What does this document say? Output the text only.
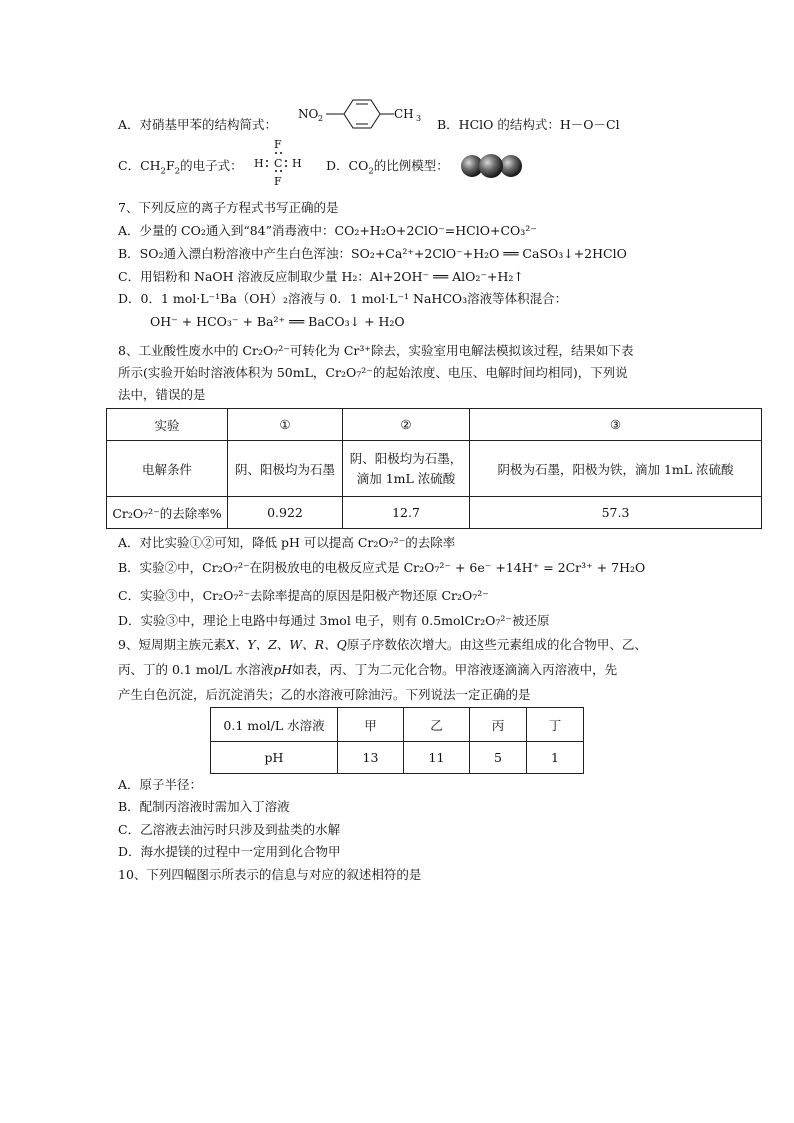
A．对硝基甲苯的结构简式：
NO 2	CH 3 B．HClO 的结构式：H－O－Cl
C．$CH_2F_2$的电子式：
F
H C H
F
D．$CO_2$的比例模型：
7、下列反应的离子方程式书写正确的是
A．少量的 CO₂通入到“84”消毒液中：CO₂+H₂O+2ClO⁻=HClO+CO₃²⁻
B．SO₂通入漂白粉溶液中产生白色浑浊：SO₂+Ca²⁺+2ClO⁻+H₂O ══ CaSO₃↓+2HClO
C．用铝粉和 NaOH 溶液反应制取少量 H₂：Al+2OH⁻ ══ AlO₂⁻+H₂↑
D．0．1 mol·L⁻¹Ba（OH）₂溶液与 0．1 mol·L⁻¹ NaHCO₃溶液等体积混合：
OH⁻ + HCO₃⁻ + Ba²⁺ ══ BaCO₃↓ + H₂O
8、工业酸性废水中的 Cr₂O₇²⁻可转化为 Cr³⁺除去，实验室用电解法模拟该过程，结果如下表
所示(实验开始时溶液体积为 50mL，Cr₂O₇²⁻的起始浓度、电压、电解时间均相同)，下列说
法中，错误的是
实验	①	②	③
电解条件	阴、阳极均为石墨	阴、阳极均为石墨，
滴加 1mL 浓硫酸	阴极为石墨，阳极为铁，滴加 1mL 浓硫酸
Cr₂O₇²⁻的去除率%	0.922	12.7	57.3
A．对比实验①②可知，降低 pH 可以提高 Cr₂O₇²⁻的去除率
B．实验②中，Cr₂O₇²⁻在阴极放电的电极反应式是 Cr₂O₇²⁻ + 6e⁻ +14H⁺ = 2Cr³⁺ + 7H₂O
C．实验③中，Cr₂O₇²⁻去除率提高的原因是阳极产物还原 Cr₂O₇²⁻
D．实验③中，理论上电路中每通过 3mol 电子，则有 0.5molCr₂O₇²⁻被还原
9、短周期主族元素X、Y、Z、W、R、Q原子序数依次增大。由这些元素组成的化合物甲、乙、
丙、丁的 0.1 mol/L 水溶液pH如表，丙、丁为二元化合物。甲溶液逐滴滴入丙溶液中，先
产生白色沉淀，后沉淀消失；乙的水溶液可除油污。下列说法一定正确的是
0.1 mol/L 水溶液	甲	乙	丙	丁
pH	13	11	5	1
A．原子半径：
B．配制丙溶液时需加入丁溶液
C．乙溶液去油污时只涉及到盐类的水解
D．海水提镁的过程中一定用到化合物甲
10、下列四幅图示所表示的信息与对应的叙述相符的是
